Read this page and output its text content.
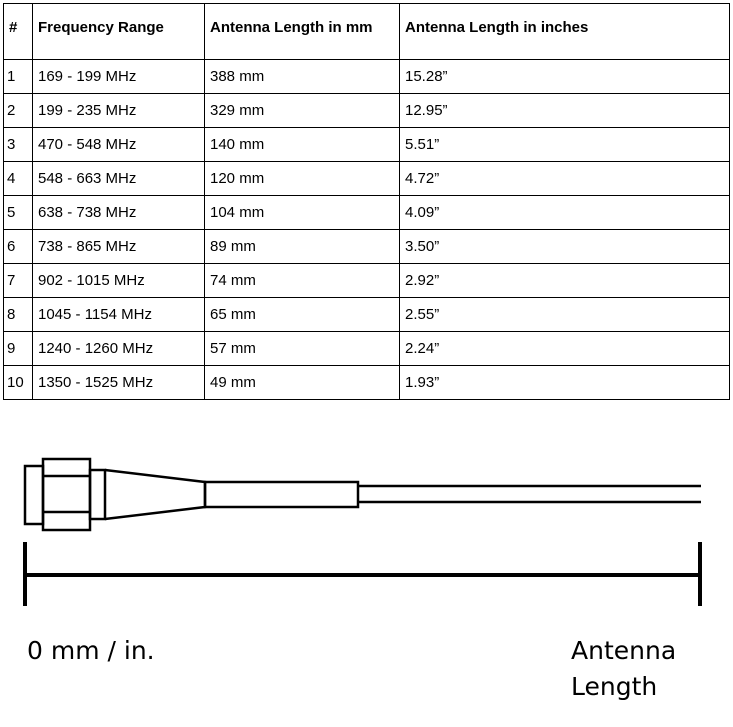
#	Frequency Range	Antenna Length in mm	Antenna Length in inches
1	169 - 199 MHz	388 mm	15.28”
2	199 - 235 MHz	329 mm	12.95”
3	470 - 548 MHz	140 mm	5.51”
4	548 - 663 MHz	120 mm	4.72”
5	638 - 738 MHz	104 mm	4.09”
6	738 - 865 MHz	89 mm	3.50”
7	902 - 1015 MHz	74 mm	2.92”
8	1045 - 1154 MHz	65 mm	2.55”
9	1240 - 1260 MHz	57 mm	2.24”
10	1350 - 1525 MHz	49 mm	1.93”
0 mm / in.	Antenna
Length
